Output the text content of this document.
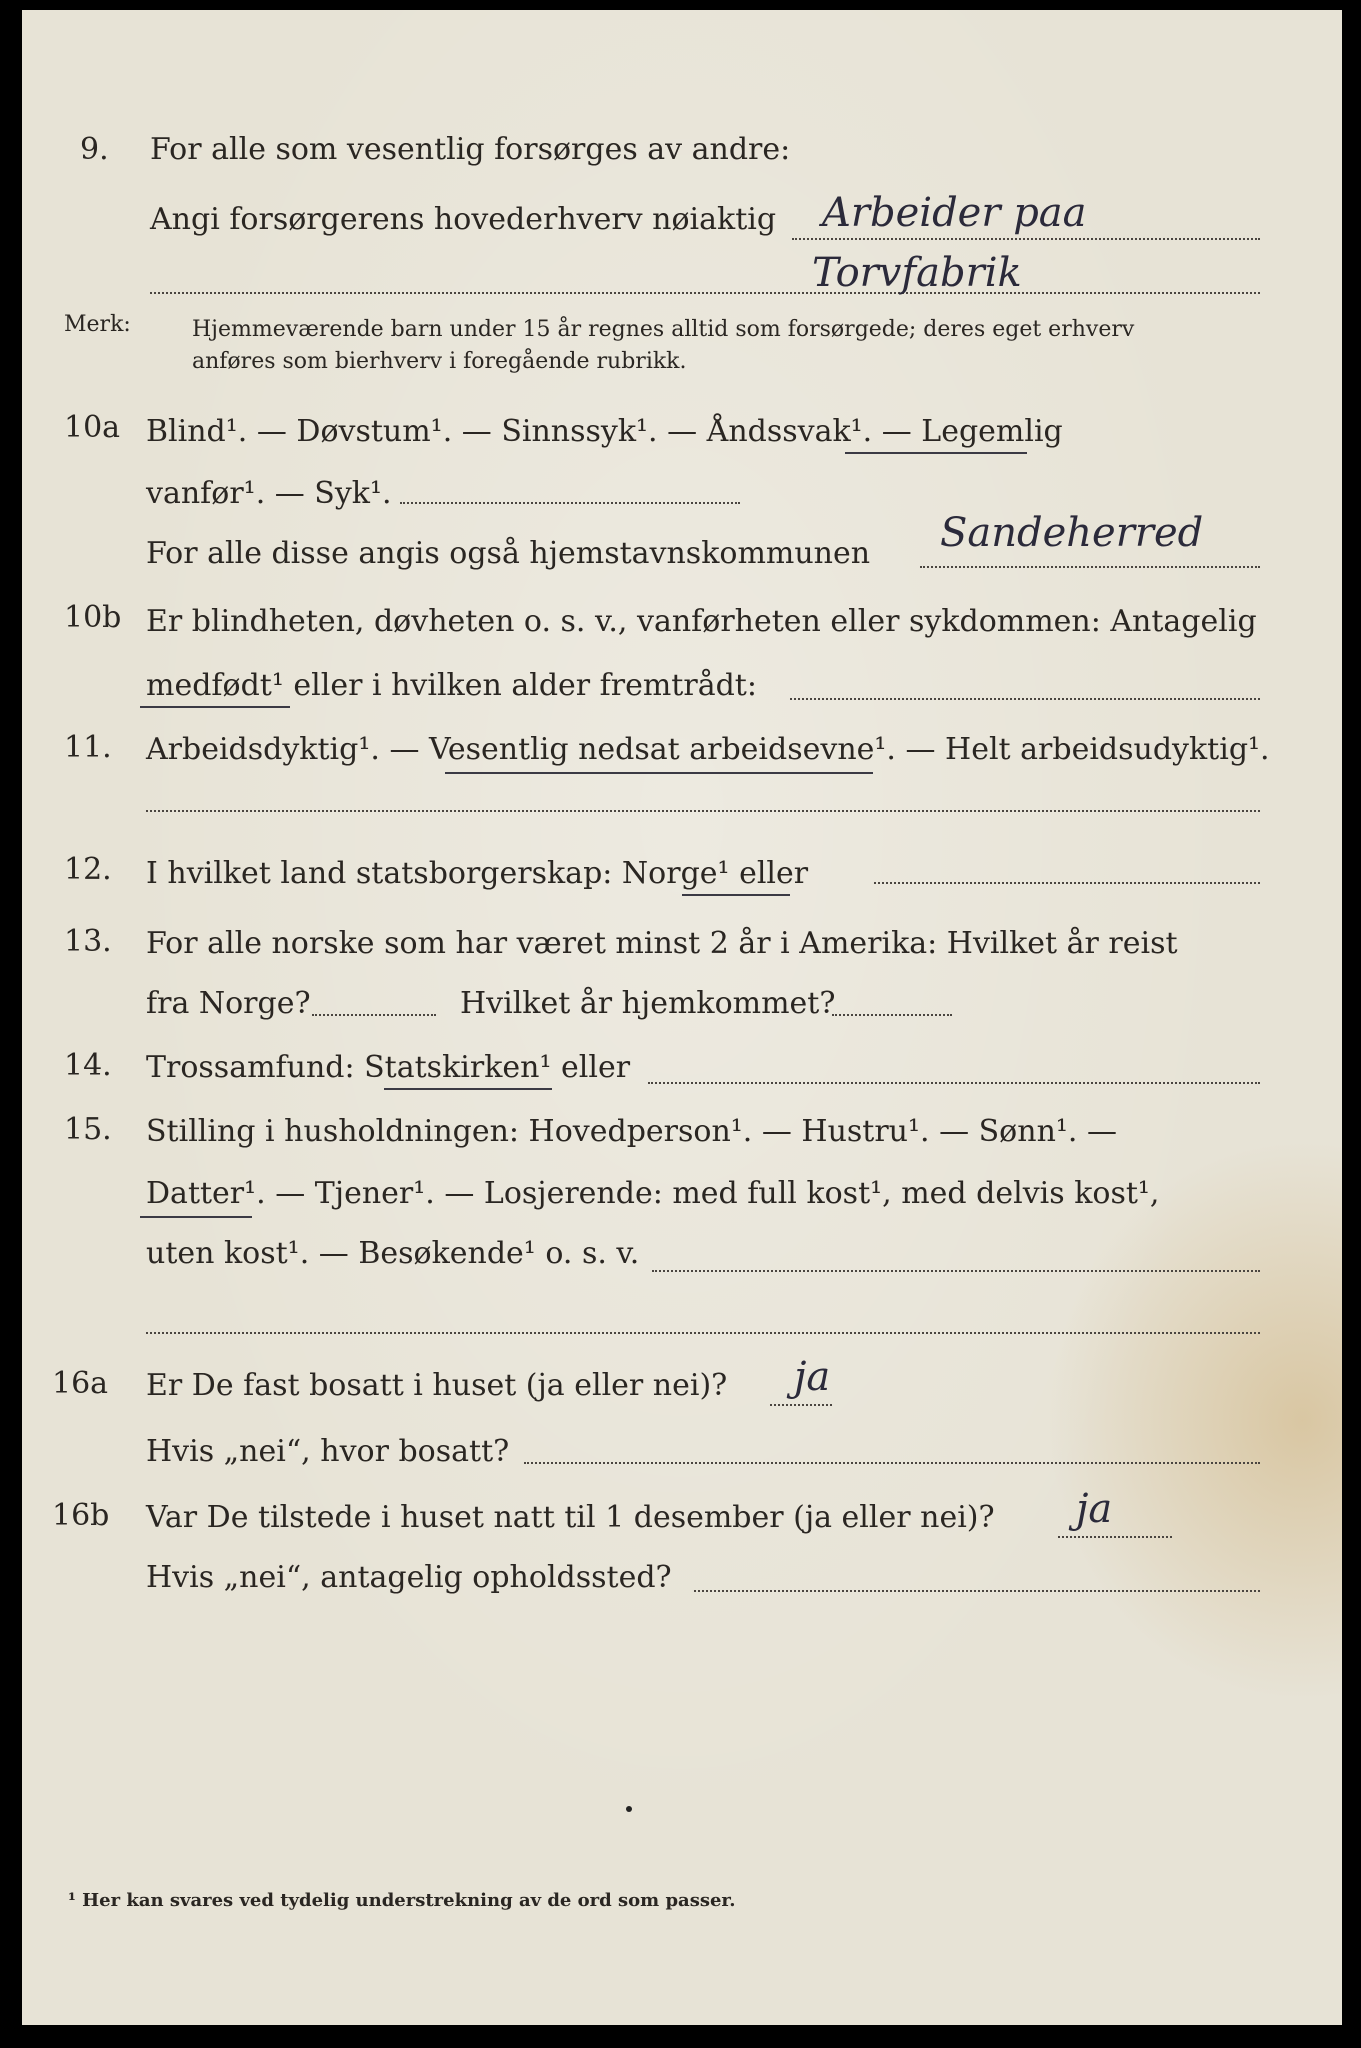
9. For alle som vesentlig forsørges av andre:
Angi forsørgerens hovederhverv nøiaktig Arbeider paa
Torvfabrik
Merk:	Hjemmeværende barn under 15 år regnes alltid som forsørgede; deres eget erhverv
anføres som bierhverv i foregående rubrikk.
10a Blind¹. — Døvstum¹. — Sinnssyk¹. — Åndssvak¹. — Legemlig
vanfør¹. — Syk¹.
For alle disse angis også hjemstavnskommunen Sandeherred
10b Er blindheten, døvheten o. s. v., vanførheten eller sykdommen: Antagelig
medfødt¹ eller i hvilken alder fremtrådt:
11. Arbeidsdyktig¹. — Vesentlig nedsat arbeidsevne¹. — Helt arbeidsudyktig¹.
12. I hvilket land statsborgerskap: Norge¹ eller
13. For alle norske som har været minst 2 år i Amerika: Hvilket år reist
fra Norge?	Hvilket år hjemkommet?
14. Trossamfund: Statskirken¹ eller
15. Stilling i husholdningen: Hovedperson¹. — Hustru¹. — Sønn¹. —
Datter¹. — Tjener¹. — Losjerende: med full kost¹, med delvis kost¹,
uten kost¹. — Besøkende¹ o. s. v.
16a Er De fast bosatt i huset (ja eller nei)? ja
Hvis „nei“, hvor bosatt?
16b Var De tilstede i huset natt til 1 desember (ja eller nei)? ja
Hvis „nei“, antagelig opholdssted?
¹ Her kan svares ved tydelig understrekning av de ord som passer.
